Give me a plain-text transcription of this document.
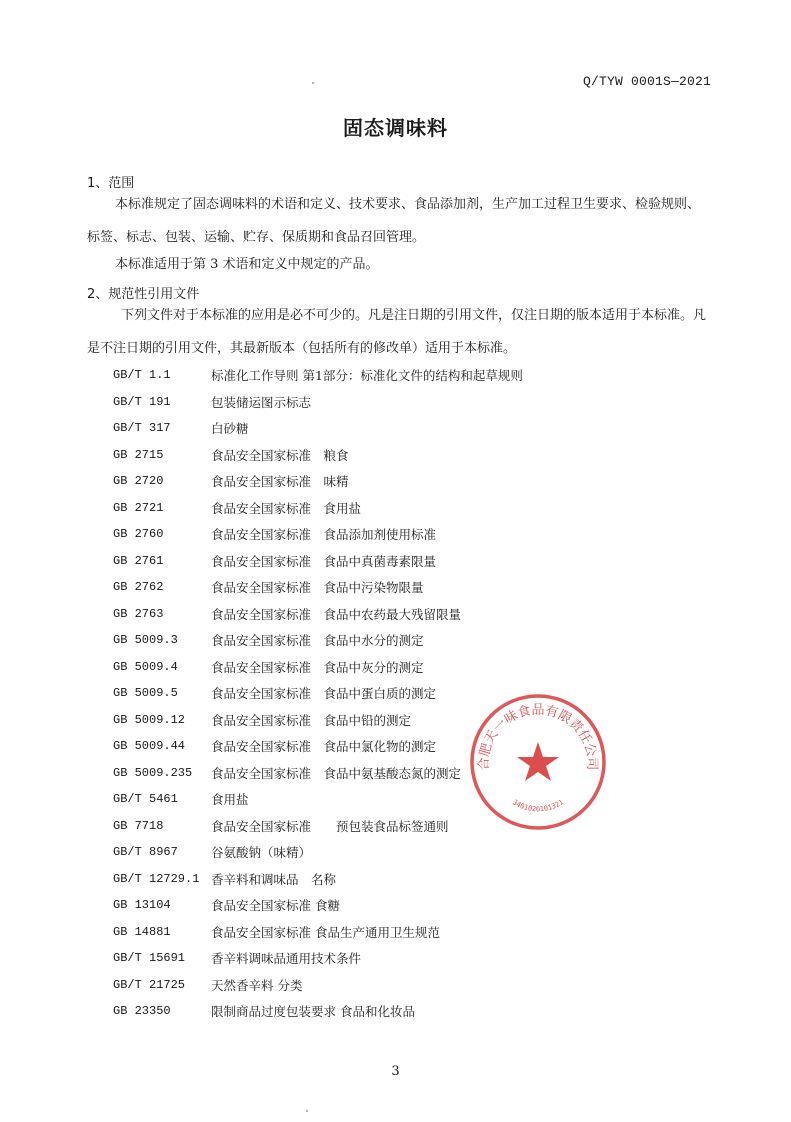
Q/TYW 0001S—2021
固态调味料
1、范围
本标准规定了固态调味料的术语和定义、技术要求、食品添加剂，生产加工过程卫生要求、检验规则、标签、标志、包装、运输、贮存、保质期和食品召回管理。
本标准适用于第 3 术语和定义中规定的产品。
2、规范性引用文件
下列文件对于本标准的应用是必不可少的。凡是注日期的引用文件，仅注日期的版本适用于本标准。凡是不注日期的引用文件，其最新版本（包括所有的修改单）适用于本标准。
GB/T 1.1	标准化工作导则 第1部分：标准化文件的结构和起草规则
GB/T 191	包装储运图示标志
GB/T 317	白砂糖
GB 2715	食品安全国家标准　粮食
GB 2720	食品安全国家标准　味精
GB 2721	食品安全国家标准　食用盐
GB 2760	食品安全国家标准　食品添加剂使用标准
GB 2761	食品安全国家标准　食品中真菌毒素限量
GB 2762	食品安全国家标准　食品中污染物限量
GB 2763	食品安全国家标准　食品中农药最大残留限量
GB 5009.3	食品安全国家标准　食品中水分的测定
GB 5009.4	食品安全国家标准　食品中灰分的测定
GB 5009.5	食品安全国家标准　食品中蛋白质的测定
GB 5009.12	食品安全国家标准　食品中铅的测定
GB 5009.44	食品安全国家标准　食品中氯化物的测定
GB 5009.235	食品安全国家标准　食品中氨基酸态氮的测定
GB/T 5461	食用盐
GB 7718	食品安全国家标准　　预包装食品标签通则
GB/T 8967	谷氨酸钠（味精）
GB/T 12729.1 香辛料和调味品　名称
GB 13104	食品安全国家标准 食糖
GB 14881	食品安全国家标准 食品生产通用卫生规范
GB/T 15691	香辛料调味品通用技术条件
GB/T 21725	天然香辛料 分类
GB 23350	限制商品过度包装要求 食品和化妆品
合肥天一味食品有限责任公司
3401020101321
3
